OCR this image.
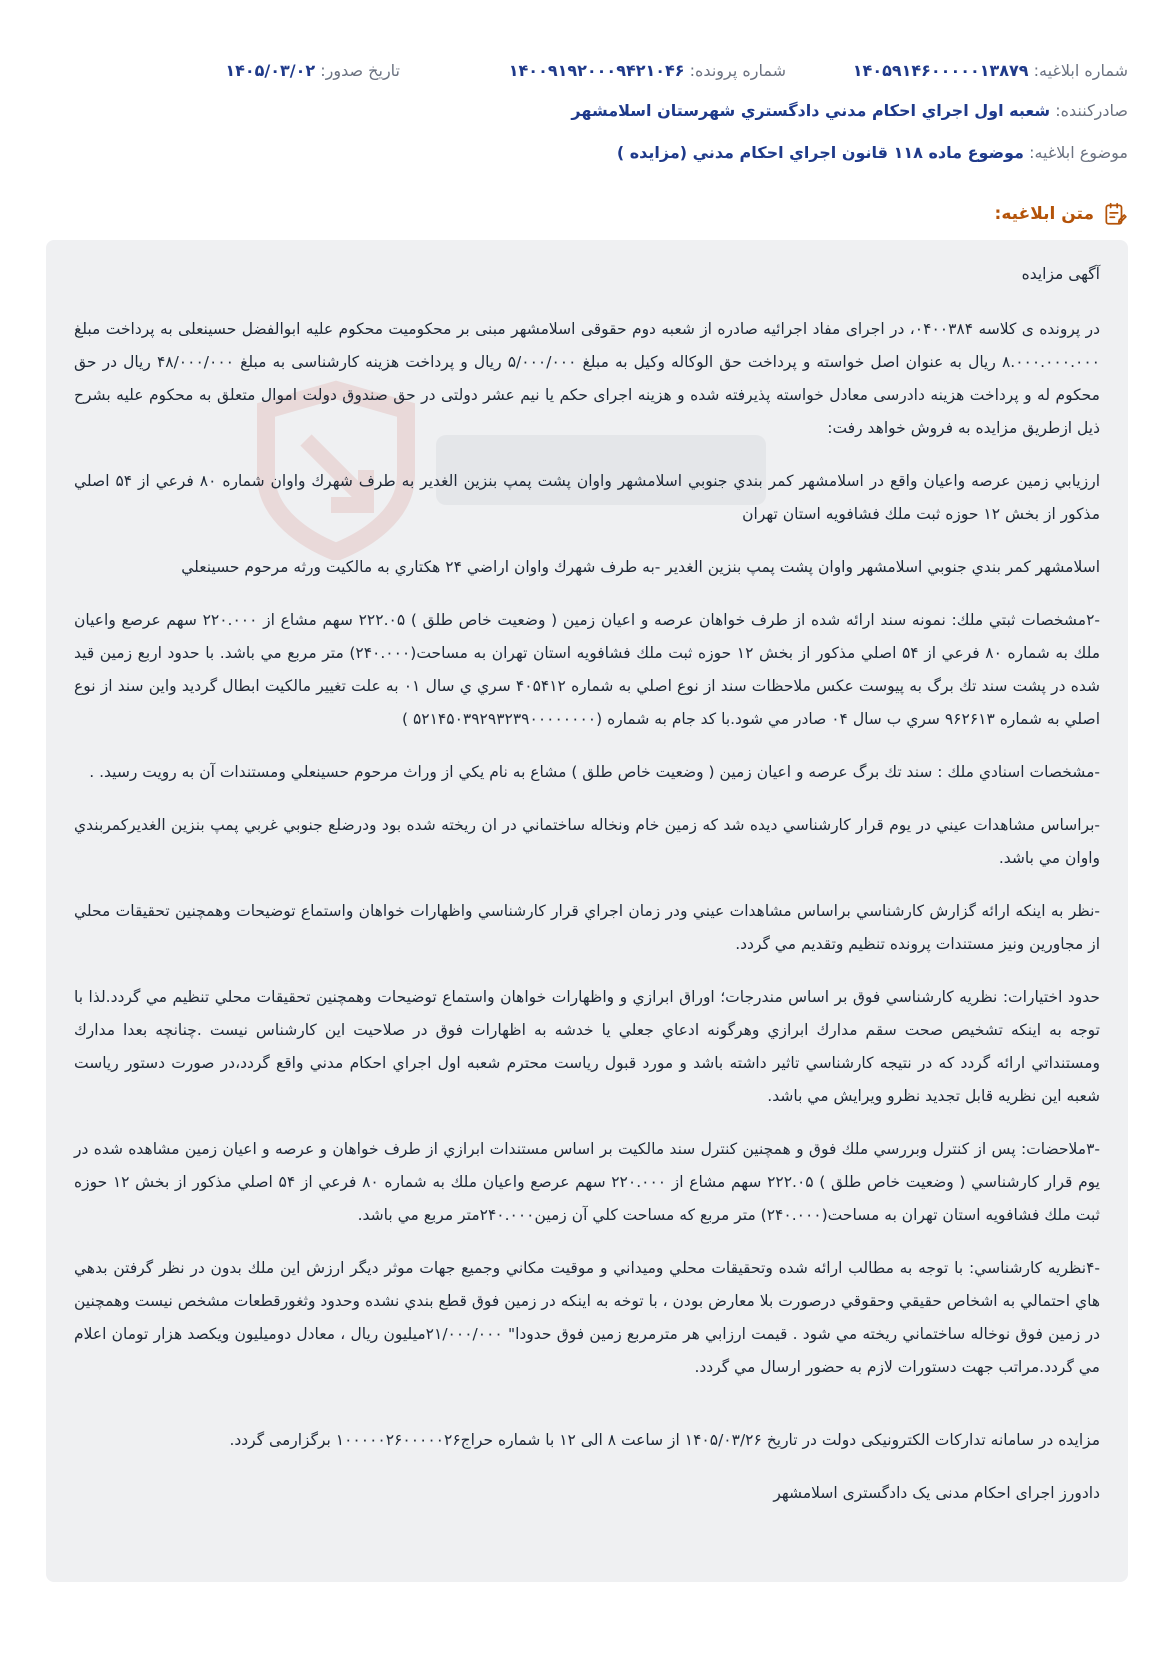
شماره ابلاغيه: ۱۴۰۵۹۱۴۶۰۰۰۰۰۱۳۸۷۹
شماره پرونده: ۱۴۰۰۹۱۹۲۰۰۰۹۴۲۱۰۴۶
تاريخ صدور: ۱۴۰۵/۰۳/۰۲
صادرکننده: شعبه اول اجراي احکام مدني دادگستري شهرستان اسلامشهر
موضوع ابلاغيه: موضوع ماده ۱۱۸ قانون اجراي احکام مدني (مزايده )
متن ابلاغيه:

آگهی مزایده

در پرونده ی کلاسه ۰۴۰۰۳۸۴، در اجرای مفاد اجرائیه صادره از شعبه دوم حقوقی اسلامشهر مبنی بر محکومیت محکوم علیه ابوالفضل حسینعلی به پرداخت مبلغ ۸.۰۰۰.۰۰۰.۰۰۰ ریال به عنوان اصل خواسته و پرداخت حق الوکاله وکیل به مبلغ ۵/۰۰۰/۰۰۰ ریال و پرداخت هزینه کارشناسی به مبلغ ۴۸/۰۰۰/۰۰۰ ریال در حق محکوم له و پرداخت هزینه دادرسی معادل خواسته پذیرفته شده و هزینه اجرای حکم یا نیم عشر دولتی در حق صندوق دولت اموال متعلق به محکوم علیه بشرح ذیل ازطریق مزایده به فروش خواهد رفت:

ارزيابي زمين عرصه واعيان واقع در اسلامشهر کمر بندي جنوبي اسلامشهر واوان پشت پمپ بنزين الغدير به طرف شهرك واوان شماره ۸۰ فرعي از ۵۴ اصلي مذکور از بخش ۱۲ حوزه ثبت ملك فشافويه استان تهران

اسلامشهر کمر بندي جنوبي اسلامشهر واوان پشت پمپ بنزين الغدير -به طرف شهرك واوان اراضي ۲۴ هکتاري به مالکيت ورثه مرحوم حسينعلي

-۲مشخصات ثبتي ملك: نمونه سند ارائه شده از طرف خواهان عرصه و اعيان زمين ( وضعيت خاص طلق ) ۲۲۲.۰۵ سهم مشاع از ۲۲۰.۰۰۰ سهم عرصع واعيان ملك به شماره ۸۰ فرعي از ۵۴ اصلي مذکور از بخش ۱۲ حوزه ثبت ملك فشافويه استان تهران به مساحت(۲۴۰.۰۰۰) متر مربع مي باشد. با حدود اربع زمين قيد شده در پشت سند تك برگ به پيوست عکس ملاحظات سند از نوع اصلي به شماره ۴۰۵۴۱۲ سري ي سال ۰۱ به علت تغيير مالکيت ابطال گرديد واين سند از نوع اصلي به شماره ۹۶۲۶۱۳ سري ب سال ۰۴ صادر مي شود.با کد جام به شماره (۵۲۱۴۵۰۳۹۲۹۳۲۳۹۰۰۰۰۰۰۰۰ )

-مشخصات اسنادي ملك : سند تك برگ عرصه و اعيان زمين ( وضعيت خاص طلق ) مشاع به نام يکي از وراث مرحوم حسينعلي ومستندات آن به رويت رسيد. .

-براساس مشاهدات عيني در يوم قرار کارشناسي ديده شد که زمين خام ونخاله ساختماني در ان ريخته شده بود ودرضلع جنوبي غربي پمپ بنزين الغديرکمربندي واوان مي باشد.

-نظر به اينکه ارائه گزارش کارشناسي براساس مشاهدات عيني ودر زمان اجراي قرار کارشناسي واظهارات خواهان واستماع توضيحات وهمچنين تحقيقات محلي از مجاورين ونيز مستندات پرونده تنظيم وتقديم مي گردد.

حدود اختيارات: نظريه کارشناسي فوق بر اساس مندرجات؛ اوراق ابرازي و واظهارات خواهان واستماع توضيحات وهمچنين تحقيقات محلي تنظيم مي گردد.لذا با توجه به اينکه تشخيص صحت سقم مدارك ابرازي وهرگونه ادعاي جعلي يا خدشه به اظهارات فوق در صلاحيت اين کارشناس نيست .چنانچه بعدا مدارك ومستنداتي ارائه گردد که در نتيجه کارشناسي تاثير داشته باشد و مورد قبول رياست محترم شعبه اول اجراي احکام مدني واقع گردد،در صورت دستور رياست شعبه اين نظريه قابل تجديد نظرو ويرايش مي باشد.

-۳ملاحضات: پس از کنترل وبررسي ملك فوق و همچنين کنترل سند مالکيت بر اساس مستندات ابرازي از طرف خواهان و عرصه و اعيان زمين مشاهده شده در يوم قرار کارشناسي ( وضعيت خاص طلق ) ۲۲۲.۰۵ سهم مشاع از ۲۲۰.۰۰۰ سهم عرصع واعيان ملك به شماره ۸۰ فرعي از ۵۴ اصلي مذکور از بخش ۱۲ حوزه ثبت ملك فشافويه استان تهران به مساحت(۲۴۰.۰۰۰) متر مربع که مساحت کلي آن زمين۲۴۰.۰۰۰متر مربع مي باشد.

-۴نظريه کارشناسي: با توجه به مطالب ارائه شده وتحقيقات محلي وميداني و موقيت مکاني وجميع جهات موثر ديگر ارزش اين ملك بدون در نظر گرفتن بدهي هاي احتمالي به اشخاص حقيقي وحقوقي درصورت بلا معارض بودن ، با توخه به اينکه در زمين فوق قطع بندي نشده وحدود وثغورقطعات مشخص نيست وهمچنين در زمين فوق نوخاله ساختماني ريخته مي شود . قيمت ارزابي هر مترمربع زمين فوق حدودا" ۲۱/۰۰۰/۰۰۰ميليون ريال ، معادل دوميليون ويکصد هزار تومان اعلام مي گردد.مراتب جهت دستورات لازم به حضور ارسال مي گردد.

مزایده در سامانه تدارکات الکترونیکی دولت در تاریخ ۱۴۰۵/۰۳/۲۶ از ساعت ۸ الی ۱۲ با شماره حراج۱۰۰۰۰۰۲۶۰۰۰۰۰۲۶ برگزارمی گردد.

دادورز اجرای احکام مدنی یک دادگستری اسلامشهر
